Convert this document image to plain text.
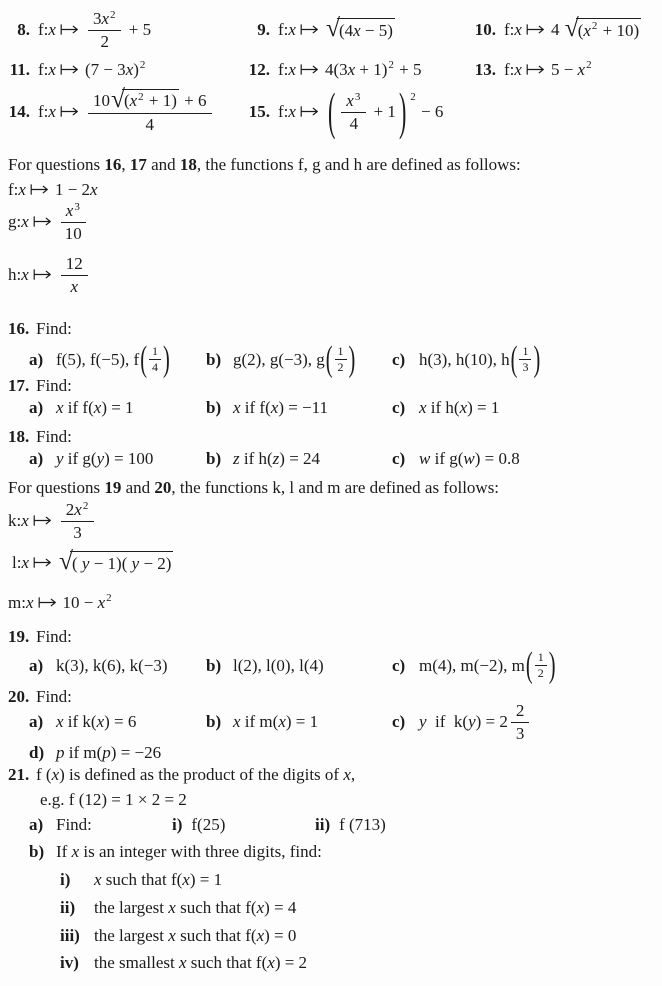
8. f: x $\frac{3 x 2}{2} + 5$	9. f: x √ (4 x − 5)	10. f: x 4 √ ( x 2 + 10)
11. f: x (7 − 3 x ) 2	12. f: x 4(3 x + 1) 2 + 5	13. f: x 5 − x 2
14. f: x $\frac{10 √ ( x 2 + 1) + 6}{4}$	15. f: x ( $\frac{x 3}{4} + 1$ ) 2
− 6
For questions 16 , 17 and 18 , the functions f, g and h are defined as follows:
f: x 1 − 2 x
g: x $\frac{x 3}{10}$
h: x $\frac{12}{x}$
16. Find:
a) f(5), f(−5), f ( $\frac{1}{4}$ ) b) g(2), g(−3), g ( $\frac{1}{2}$ ) c) h(3), h(10), h ( $\frac{1}{3}$ )
17. Find:
a) x if f( x ) = 1	b) x if f( x ) = −11	c) x if h( x ) = 1
18. Find:
a) y if g( y ) = 100	b) z if h( z ) = 24	c) w if g( w ) = 0.8
For questions 19 and 20 , the functions k, l and m are defined as follows:
k: x $\frac{2 x 2}{3}$
l: x √ ( y − 1)( y − 2)
m: x 10 − x 2
19. Find:
a) k(3), k(6), k(−3) b) l(2), l(0), l(4)	c) m(4), m(−2), m ( $\frac{1}{2}$ )
20. Find:
a) x if k( x ) = 6	b) x if m( x ) = 1	c) y if  k( y ) = $2 \frac{2}{3}$
d) p if m( p ) = −26
21. f ( x ) is defined as the product of the digits of x ,
e.g. f (12) = 1 × 2 = 2
a) Find:	i) f(25)	ii) f (713)
b) If x is an integer with three digits, find:
i)	x such that f( x ) = 1
ii)	the largest x such that f( x ) = 4
iii) the largest x such that f( x ) = 0
iv) the smallest x such that f( x ) = 2
